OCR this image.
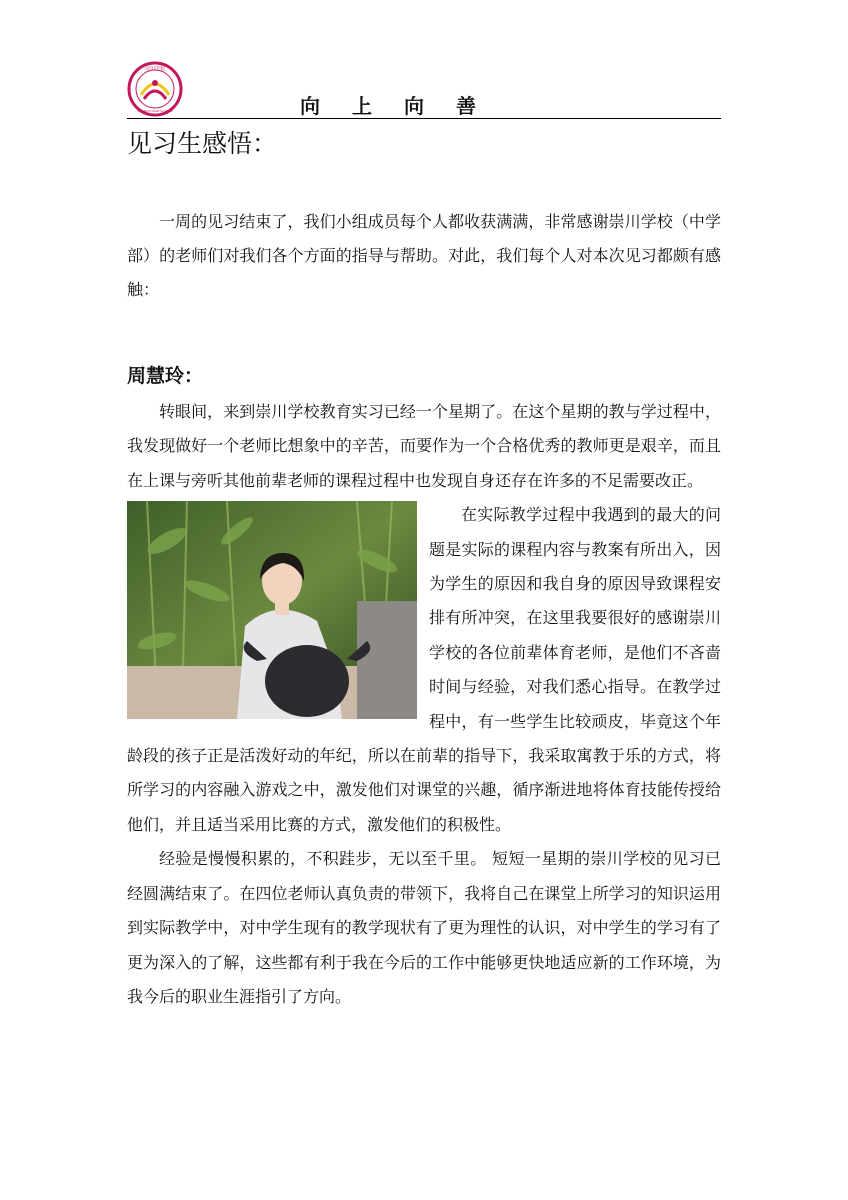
崇川学校
CHONGCHUAN SCHOOL	向上向善
见习生感悟：
一周的见习结束了，我们小组成员每个人都收获满满，非常感谢崇川学校（中学部）的老师们对我们各个方面的指导与帮助。对此，我们每个人对本次见习都颇有感触：
周慧玲：

转眼间，来到崇川学校教育实习已经一个星期了。在这个星期的教与学过程中，我发现做好一个老师比想象中的辛苦，而要作为一个合格优秀的教师更是艰辛，而且在上课与旁听其他前辈老师的课程过程中也发现自身还存在许多的不足需要改正。

在实际教学过程中我遇到的最大的问题是实际的课程内容与教案有所出入，因为学生的原因和我自身的原因导致课程安排有所冲突，在这里我要很好的感谢崇川学校的各位前辈体育老师，是他们不吝啬时间与经验，对我们悉心指导。在教学过程中，有一些学生比较顽皮，毕竟这个年龄段的孩子正是活泼好动的年纪，所以在前辈的指导下，我采取寓教于乐的方式，将所学习的内容融入游戏之中，激发他们对课堂的兴趣，循序渐进地将体育技能传授给他们，并且适当采用比赛的方式，激发他们的积极性。

经验是慢慢积累的，不积跬步，无以至千里。 短短一星期的崇川学校的见习已经圆满结束了。在四位老师认真负责的带领下，我将自己在课堂上所学习的知识运用到实际教学中，对中学生现有的教学现状有了更为理性的认识，对中学生的学习有了更为深入的了解，这些都有利于我在今后的工作中能够更快地适应新的工作环境，为我今后的职业生涯指引了方向。
